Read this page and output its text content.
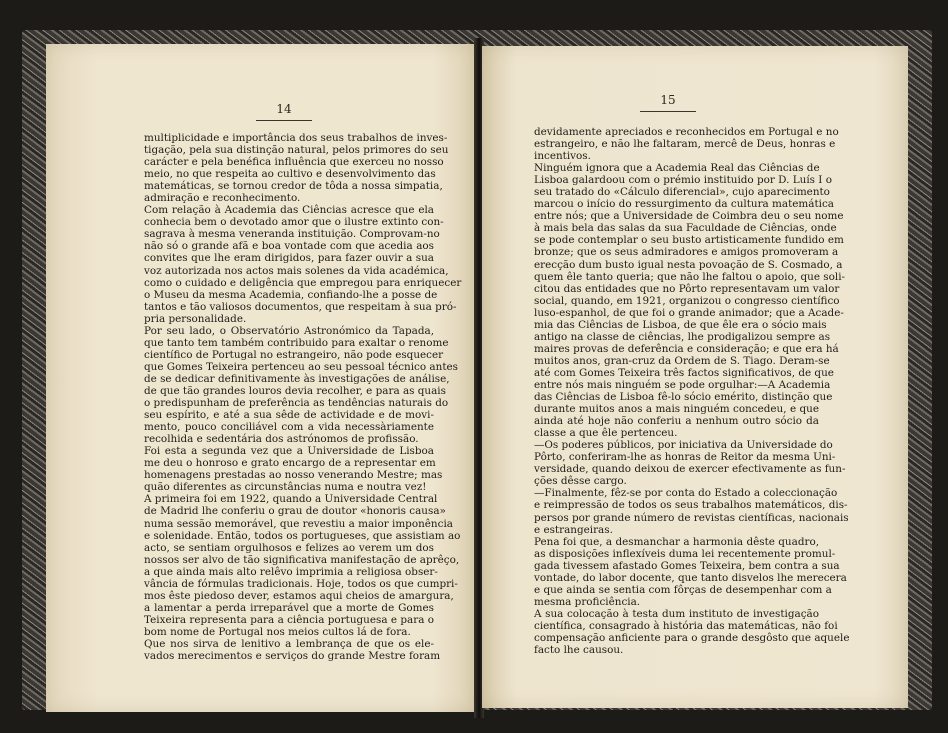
14
multiplicidade e importância dos seus trabalhos de inves-
tigação, pela sua distinção natural, pelos primores do seu
carácter e pela benéfica influência que exerceu no nosso
meio, no que respeita ao cultivo e desenvolvimento das
matemáticas, se tornou credor de tôda a nossa simpatia,
admiração e reconhecimento.
Com relação à Academia das Ciências acresce que ela
conhecia bem o devotado amor que o ilustre extinto con-
sagrava à mesma veneranda instituição. Comprovam-no
não só o grande afã e boa vontade com que acedia aos
convites que lhe eram dirigidos, para fazer ouvir a sua
voz autorizada nos actos mais solenes da vida académica,
como o cuidado e deligência que empregou para enriquecer
o Museu da mesma Academia, confiando-lhe a posse de
tantos e tão valiosos documentos, que respeitam à sua pró-
pria personalidade.
Por seu lado, o Observatório Astronómico da Tapada,
que tanto tem também contribuido para exaltar o renome
científico de Portugal no estrangeiro, não pode esquecer
que Gomes Teixeira pertenceu ao seu pessoal técnico antes
de se dedicar definitivamente às investigações de análise,
de que tão grandes louros devia recolher, e para as quais
o predispunham de preferência as tendências naturais do
seu espírito, e até a sua sêde de actividade e de movi-
mento, pouco conciliável com a vida necessàriamente
recolhida e sedentária dos astrónomos de profissão.
Foi esta a segunda vez que a Universidade de Lisboa
me deu o honroso e grato encargo de a representar em
homenagens prestadas ao nosso venerando Mestre; mas
quão diferentes as circunstâncias numa e noutra vez!
A primeira foi em 1922, quando a Universidade Central
de Madrid lhe conferiu o grau de doutor «honoris causa»
numa sessão memorável, que revestiu a maior imponência
e solenidade. Então, todos os portugueses, que assistiam ao
acto, se sentiam orgulhosos e felizes ao verem um dos
nossos ser alvo de tão significativa manifestação de aprêço,
a que ainda mais alto relêvo imprimia a religiosa obser-
vância de fórmulas tradicionais. Hoje, todos os que cumpri-
mos êste piedoso dever, estamos aqui cheios de amargura,
a lamentar a perda irreparável que a morte de Gomes
Teixeira representa para a ciência portuguesa e para o
bom nome de Portugal nos meios cultos lá de fora.
Que nos sirva de lenitivo a lembrança de que os ele-
vados merecimentos e serviços do grande Mestre foram
15
devidamente apreciados e reconhecidos em Portugal e no
estrangeiro, e não lhe faltaram, mercê de Deus, honras e
incentivos.
Ninguém ignora que a Academia Real das Ciências de
Lisboa galardoou com o prémio instituido por D. Luís I o
seu tratado do «Cálculo diferencial», cujo aparecimento
marcou o início do ressurgimento da cultura matemática
entre nós; que a Universidade de Coimbra deu o seu nome
à mais bela das salas da sua Faculdade de Ciências, onde
se pode contemplar o seu busto artisticamente fundido em
bronze; que os seus admiradores e amigos promoveram a
erecção dum busto igual nesta povoação de S. Cosmado, a
quem êle tanto queria; que não lhe faltou o apoio, que soli-
citou das entidades que no Pôrto representavam um valor
social, quando, em 1921, organizou o congresso científico
luso-espanhol, de que foi o grande animador; que a Acade-
mia das Ciências de Lisboa, de que êle era o sócio mais
antigo na classe de ciências, lhe prodigalizou sempre as
maires provas de deferência e consideração; e que era há
muitos anos, gran-cruz da Ordem de S. Tiago. Deram-se
até com Gomes Teixeira três factos significativos, de que
entre nós mais ninguém se pode orgulhar:—A Academia
das Ciências de Lisboa fê-lo sócio emérito, distinção que
durante muitos anos a mais ninguém concedeu, e que
ainda até hoje não conferiu a nenhum outro sócio da
classe a que êle pertenceu.
—Os poderes públicos, por iniciativa da Universidade do
Pôrto, conferiram-lhe as honras de Reitor da mesma Uni-
versidade, quando deixou de exercer efectivamente as fun-
ções dêsse cargo.
—Finalmente, fêz-se por conta do Estado a coleccionação
e reimpressão de todos os seus trabalhos matemáticos, dis-
persos por grande número de revistas científicas, nacionais
e estrangeiras.
Pena foi que, a desmanchar a harmonia dêste quadro,
as disposições inflexíveis duma lei recentemente promul-
gada tivessem afastado Gomes Teixeira, bem contra a sua
vontade, do labor docente, que tanto disvelos lhe merecera
e que ainda se sentia com fôrças de desempenhar com a
mesma proficiência.
A sua colocação à testa dum instituto de investigação
científica, consagrado à história das matemáticas, não foi
compensação anficiente para o grande desgôsto que aquele
facto lhe causou.
